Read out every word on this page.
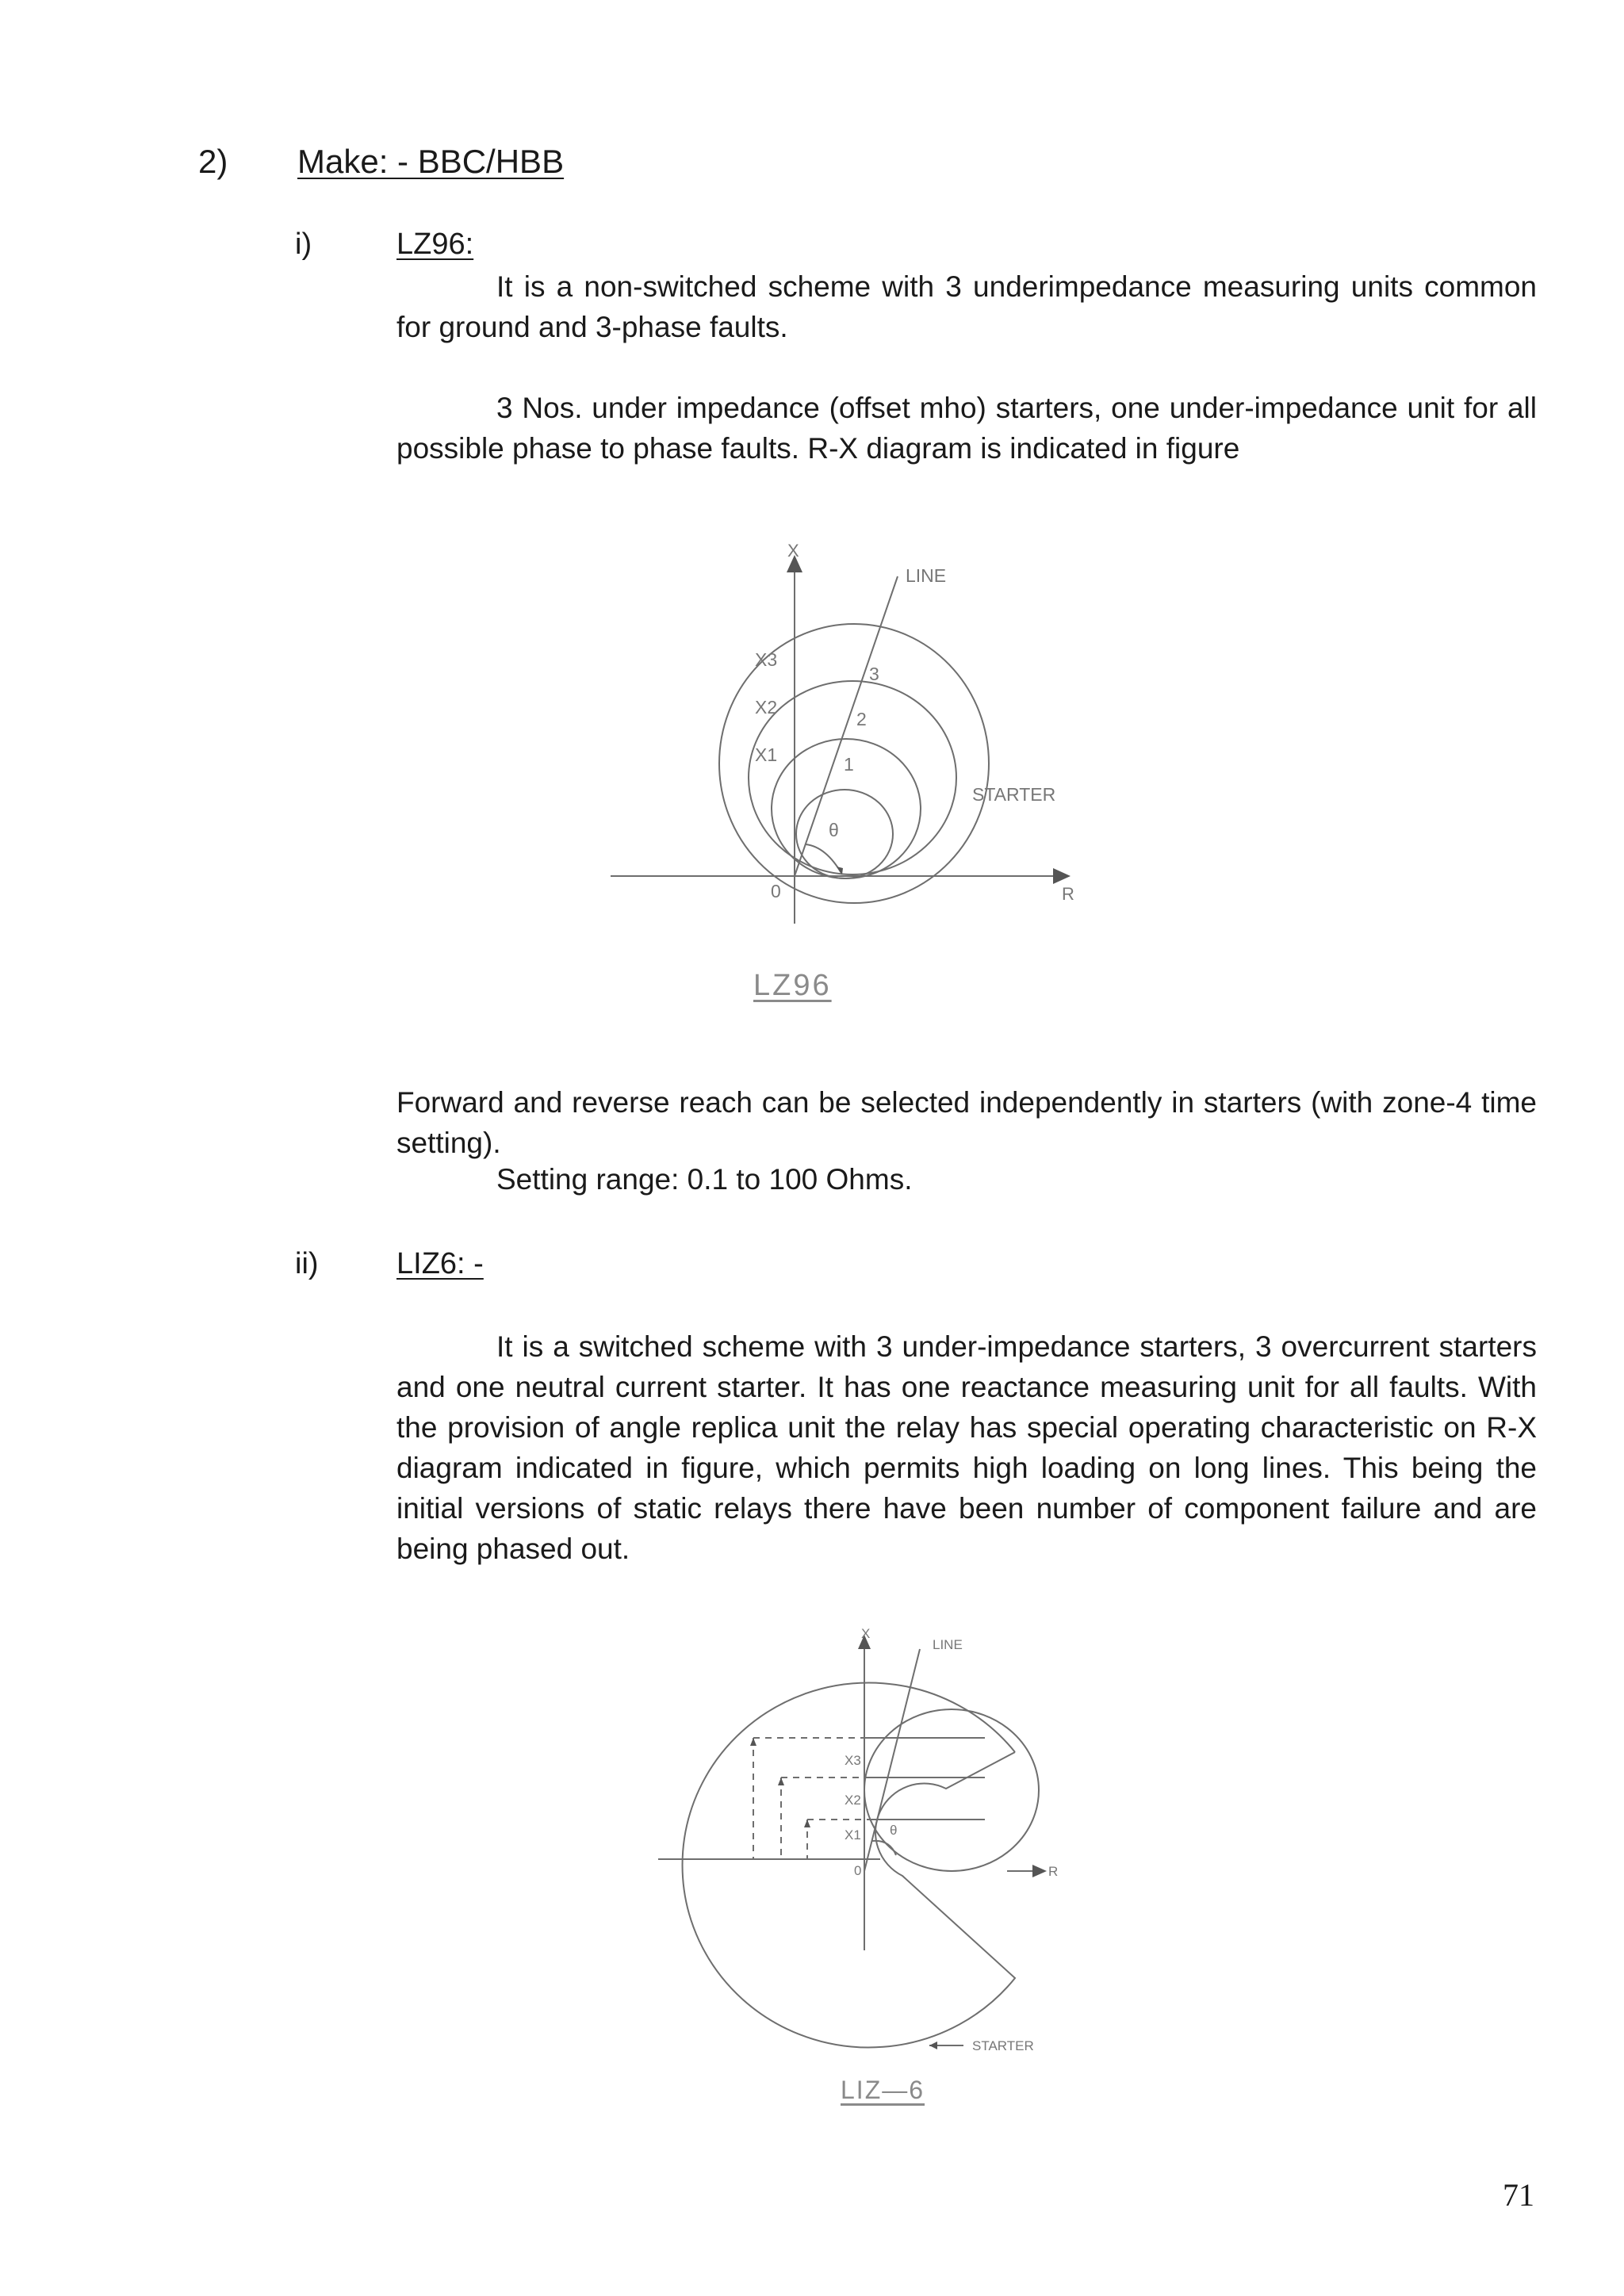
2) Make: - BBC/HBB
i)	LZ96:

It is a non-switched scheme with 3 underimpedance measuring units common for ground and 3-phase faults.

3 Nos. under impedance (offset mho) starters, one under-impedance unit for all possible phase to phase faults. R-X diagram is indicated in figure

X
LINE
X3
X2
X1
3
2
1
STARTER
θ
0	R
LZ96

Forward and reverse reach can be selected independently in starters (with zone-4 time setting).

Setting range: 0.1 to 100 Ohms.
ii)	LIZ6: -

It is a switched scheme with 3 under-impedance starters, 3 overcurrent starters and one neutral current starter. It has one reactance measuring unit for all faults. With the provision of angle replica unit the relay has special operating characteristic on R-X diagram indicated in figure, which permits high loading on long lines. This being the initial versions of static relays there have been number of component failure and are being phased out.

X
LINE
X3
X2
X1 θ
0	R
STARTER
LIZ—6
71
